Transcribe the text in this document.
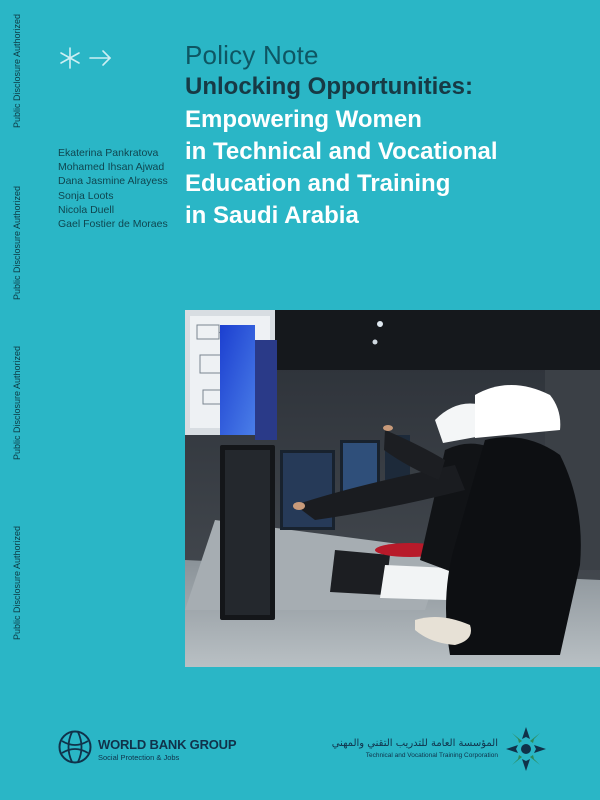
Public Disclosure Authorized
Public Disclosure Authorized
Public Disclosure Authorized
Public Disclosure Authorized
Policy Note
Unlocking Opportunities:
Empowering Women
in Technical and Vocational
Education and Training
in Saudi Arabia
Ekaterina Pankratova
Mohamed Ihsan Ajwad
Dana Jasmine Alrayess
Sonja Loots
Nicola Duell
Gael Fostier de Moraes
WORLD BANK GROUP
Social Protection & Jobs
المؤسسة العامة للتدريب التقني والمهني
Technical and Vocational Training Corporation
